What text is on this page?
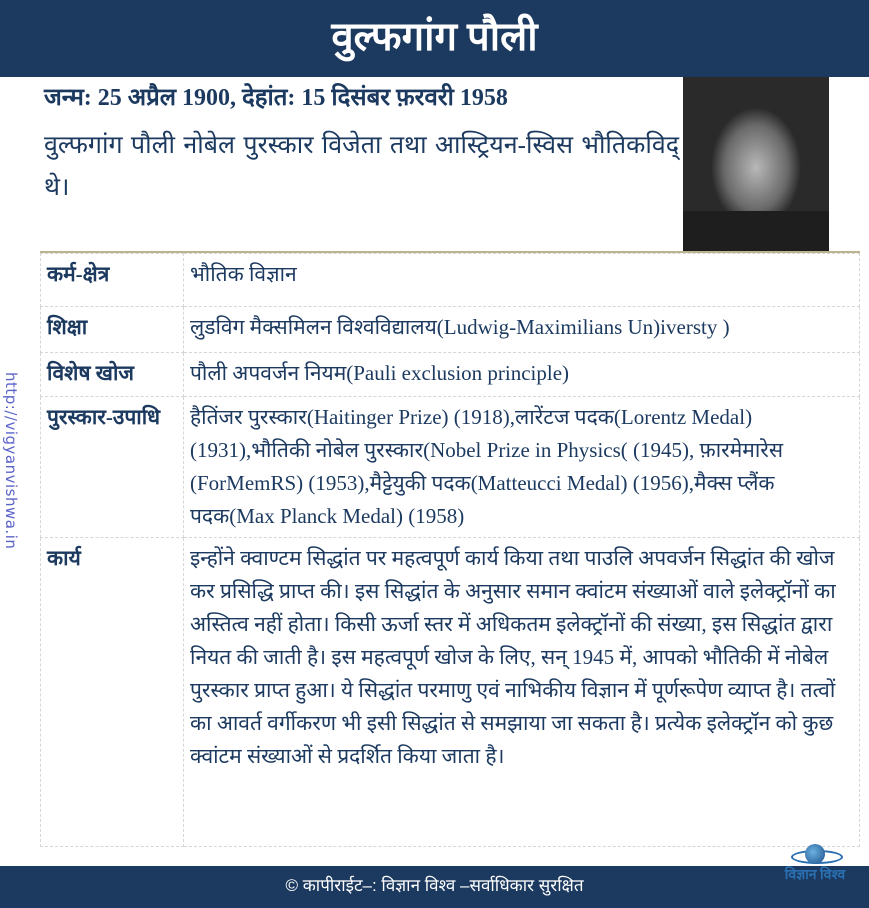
वुल्फगांग पौली
जन्म: 25 अप्रैल 1900, देहांत: 15 दिसंबर फ़रवरी 1958
वुल्फगांग पौली नोबेल पुरस्कार विजेता तथा आस्ट्रियन-स्विस भौतिकविद् थे।
कर्म-क्षेत्र	भौतिक विज्ञान
शिक्षा	लुडविग मैक्समिलन विश्वविद्यालय(Ludwig-Maximilians Un)iversty )
विशेष खोज	पौली अपवर्जन नियम(Pauli exclusion principle)
पुरस्कार-उपाधि	हैतिंजर पुरस्कार(Haitinger Prize) (1918),लारेंटज पदक(Lorentz Medal) (1931),भौतिकी नोबेल पुरस्कार(Nobel Prize in Physics( (1945), फ़ारमेमारेस (ForMemRS) (1953),मैट्टेयुकी पदक(Matteucci Medal) (1956),मैक्स प्लैंक पदक(Max Planck Medal) (1958)
कार्य	इन्होंने क्वाण्टम सिद्धांत पर महत्वपूर्ण कार्य किया तथा पाउलि अपवर्जन सिद्धांत की खोज कर प्रसिद्धि प्राप्त की। इस सिद्धांत के अनुसार समान क्वांटम संख्याओं वाले इलेक्ट्रॉनों का अस्तित्व नहीं होता। किसी ऊर्जा स्तर में अधिकतम इलेक्ट्रॉनों की संख्या, इस सिद्धांत द्वारा नियत की जाती है। इस महत्वपूर्ण खोज के लिए, सन् 1945 में, आपको भौतिकी में नोबेल पुरस्कार प्राप्त हुआ। ये सिद्धांत परमाणु एवं नाभिकीय विज्ञान में पूर्णरूपेण व्याप्त है। तत्वों का आवर्त वर्गीकरण भी इसी सिद्धांत से समझाया जा सकता है। प्रत्येक इलेक्ट्रॉन को कुछ क्वांटम संख्याओं से प्रदर्शित किया जाता है।
http://vigyanvishwa.in
विज्ञान विश्व
© कापीराईट–: विज्ञान विश्व –सर्वाधिकार सुरक्षित
